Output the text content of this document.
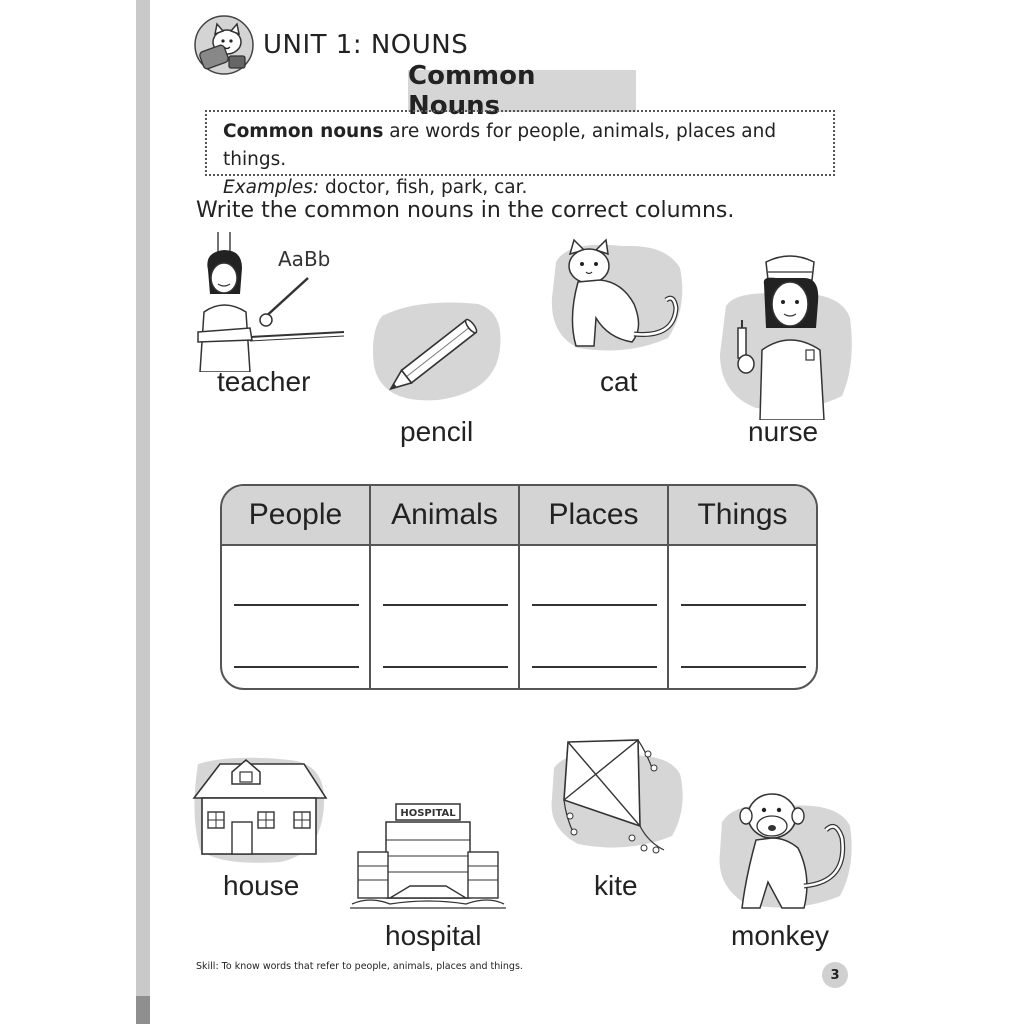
UNIT 1: NOUNS
Common Nouns
Common nouns are words for people, animals, places and things.
Examples: doctor, fish, park, car.
Write the common nouns in the correct columns.
AaBb
teacher
pencil
cat
nurse
People	Animals	Places	Things
house
HOSPITAL
hospital
kite
monkey
Skill: To know words that refer to people, animals, places and things.
3
